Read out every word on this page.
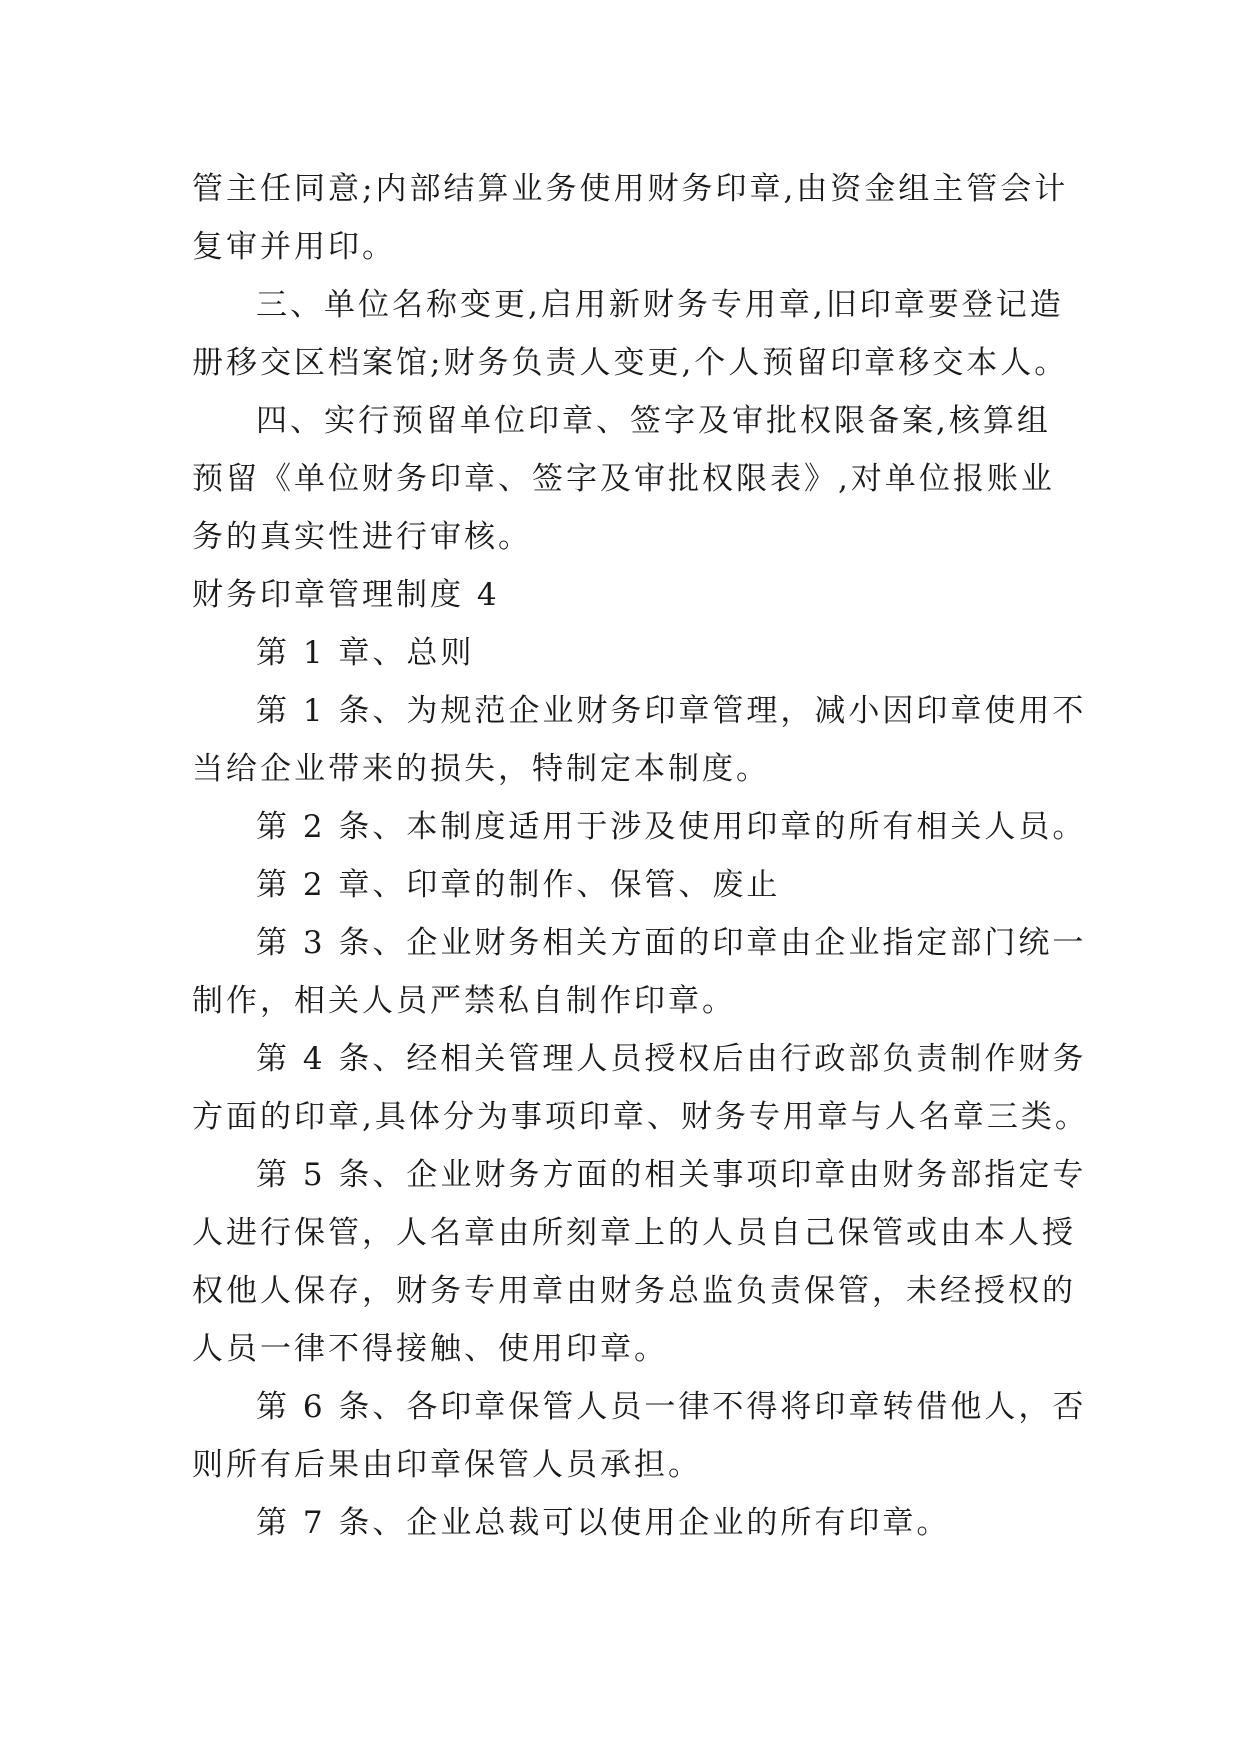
管主任同意;内部结算业务使用财务印章,由资金组主管会计
复审并用印。
三、单位名称变更,启用新财务专用章,旧印章要登记造
册移交区档案馆;财务负责人变更,个人预留印章移交本人。
四、实行预留单位印章、签字及审批权限备案,核算组
预留《单位财务印章、签字及审批权限表》,对单位报账业
务的真实性进行审核。
财务印章管理制度 4
第 1 章、总则
第 1 条、为规范企业财务印章管理，减小因印章使用不
当给企业带来的损失，特制定本制度。
第 2 条、本制度适用于涉及使用印章的所有相关人员。
第 2 章、印章的制作、保管、废止
第 3 条、企业财务相关方面的印章由企业指定部门统一
制作，相关人员严禁私自制作印章。
第 4 条、经相关管理人员授权后由行政部负责制作财务
方面的印章,具体分为事项印章、财务专用章与人名章三类。
第 5 条、企业财务方面的相关事项印章由财务部指定专
人进行保管，人名章由所刻章上的人员自己保管或由本人授
权他人保存，财务专用章由财务总监负责保管，未经授权的
人员一律不得接触、使用印章。
第 6 条、各印章保管人员一律不得将印章转借他人，否
则所有后果由印章保管人员承担。
第 7 条、企业总裁可以使用企业的所有印章。
